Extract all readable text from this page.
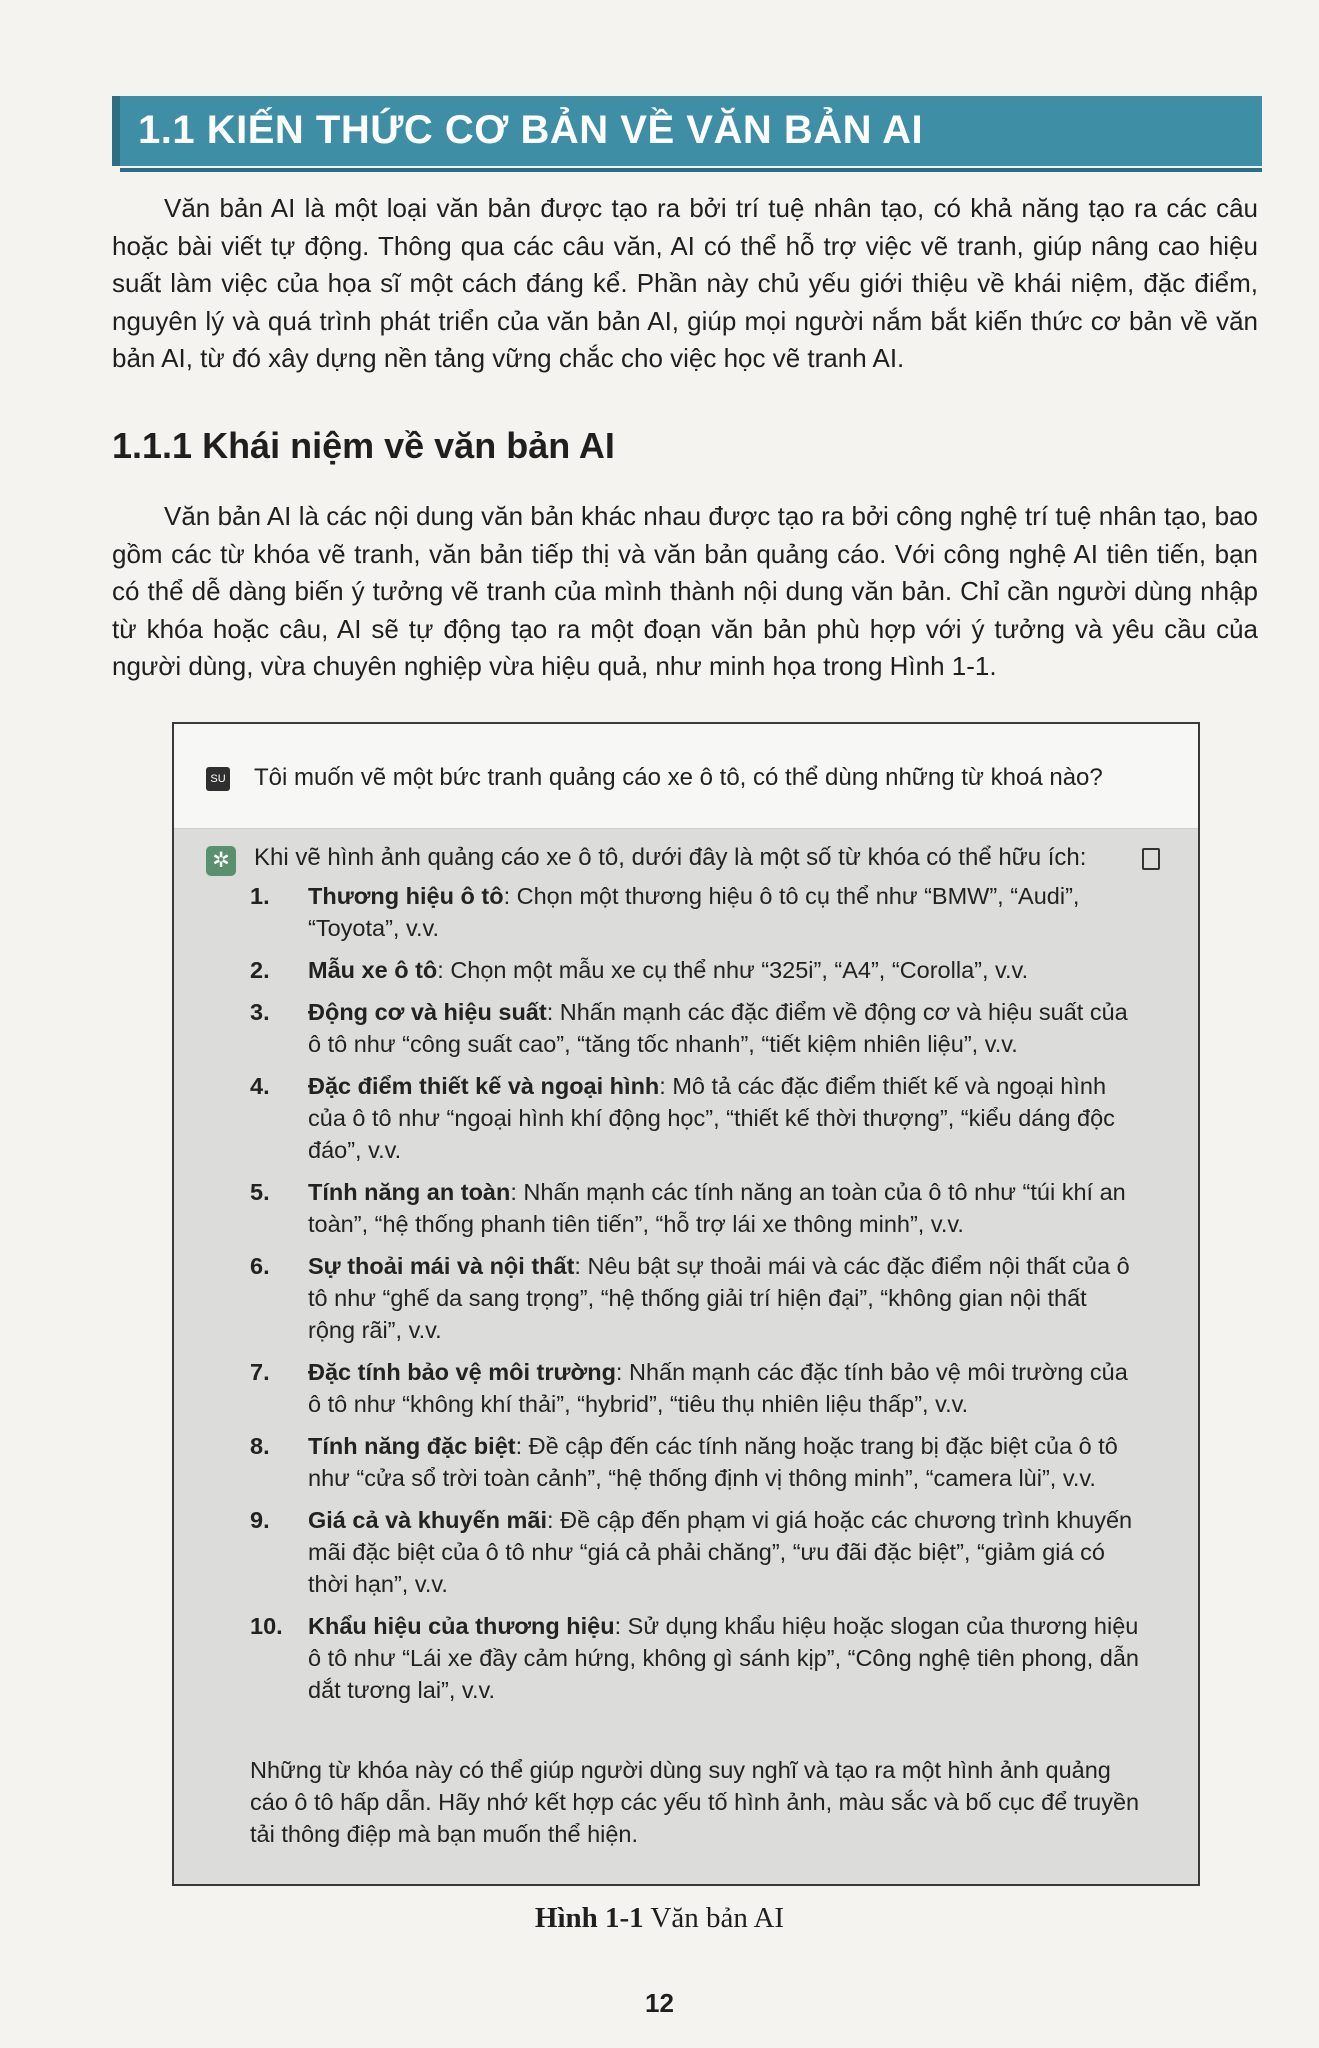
1.1 KIẾN THỨC CƠ BẢN VỀ VĂN BẢN AI

Văn bản AI là một loại văn bản được tạo ra bởi trí tuệ nhân tạo, có khả năng tạo ra các câu hoặc bài viết tự động. Thông qua các câu văn, AI có thể hỗ trợ việc vẽ tranh, giúp nâng cao hiệu suất làm việc của họa sĩ một cách đáng kể. Phần này chủ yếu giới thiệu về khái niệm, đặc điểm, nguyên lý và quá trình phát triển của văn bản AI, giúp mọi người nắm bắt kiến thức cơ bản về văn bản AI, từ đó xây dựng nền tảng vững chắc cho việc học vẽ tranh AI.

1.1.1 Khái niệm về văn bản AI

Văn bản AI là các nội dung văn bản khác nhau được tạo ra bởi công nghệ trí tuệ nhân tạo, bao gồm các từ khóa vẽ tranh, văn bản tiếp thị và văn bản quảng cáo. Với công nghệ AI tiên tiến, bạn có thể dễ dàng biến ý tưởng vẽ tranh của mình thành nội dung văn bản. Chỉ cần người dùng nhập từ khóa hoặc câu, AI sẽ tự động tạo ra một đoạn văn bản phù hợp với ý tưởng và yêu cầu của người dùng, vừa chuyên nghiệp vừa hiệu quả, như minh họa trong Hình 1-1.

SU Tôi muốn vẽ một bức tranh quảng cáo xe ô tô, có thể dùng những từ khoá nào?
✲ Khi vẽ hình ảnh quảng cáo xe ô tô, dưới đây là một số từ khóa có thể hữu ích:
1. Thương hiệu ô tô: Chọn một thương hiệu ô tô cụ thể như “BMW”, “Audi”, “Toyota”, v.v.
2. Mẫu xe ô tô: Chọn một mẫu xe cụ thể như “325i”, “A4”, “Corolla”, v.v.
3. Động cơ và hiệu suất: Nhấn mạnh các đặc điểm về động cơ và hiệu suất của ô tô như “công suất cao”, “tăng tốc nhanh”, “tiết kiệm nhiên liệu”, v.v.
4. Đặc điểm thiết kế và ngoại hình: Mô tả các đặc điểm thiết kế và ngoại hình của ô tô như “ngoại hình khí động học”, “thiết kế thời thượng”, “kiểu dáng độc đáo”, v.v.
5. Tính năng an toàn: Nhấn mạnh các tính năng an toàn của ô tô như “túi khí an toàn”, “hệ thống phanh tiên tiến”, “hỗ trợ lái xe thông minh”, v.v.
6. Sự thoải mái và nội thất: Nêu bật sự thoải mái và các đặc điểm nội thất của ô tô như “ghế da sang trọng”, “hệ thống giải trí hiện đại”, “không gian nội thất rộng rãi”, v.v.
7. Đặc tính bảo vệ môi trường: Nhấn mạnh các đặc tính bảo vệ môi trường của ô tô như “không khí thải”, “hybrid”, “tiêu thụ nhiên liệu thấp”, v.v.
8. Tính năng đặc biệt: Đề cập đến các tính năng hoặc trang bị đặc biệt của ô tô như “cửa sổ trời toàn cảnh”, “hệ thống định vị thông minh”, “camera lùi”, v.v.
9. Giá cả và khuyến mãi: Đề cập đến phạm vi giá hoặc các chương trình khuyến mãi đặc biệt của ô tô như “giá cả phải chăng”, “ưu đãi đặc biệt”, “giảm giá có thời hạn”, v.v.
10. Khẩu hiệu của thương hiệu: Sử dụng khẩu hiệu hoặc slogan của thương hiệu ô tô như “Lái xe đầy cảm hứng, không gì sánh kịp”, “Công nghệ tiên phong, dẫn dắt tương lai”, v.v.

Những từ khóa này có thể giúp người dùng suy nghĩ và tạo ra một hình ảnh quảng cáo ô tô hấp dẫn. Hãy nhớ kết hợp các yếu tố hình ảnh, màu sắc và bố cục để truyền tải thông điệp mà bạn muốn thể hiện.

Hình 1-1 Văn bản AI
12
